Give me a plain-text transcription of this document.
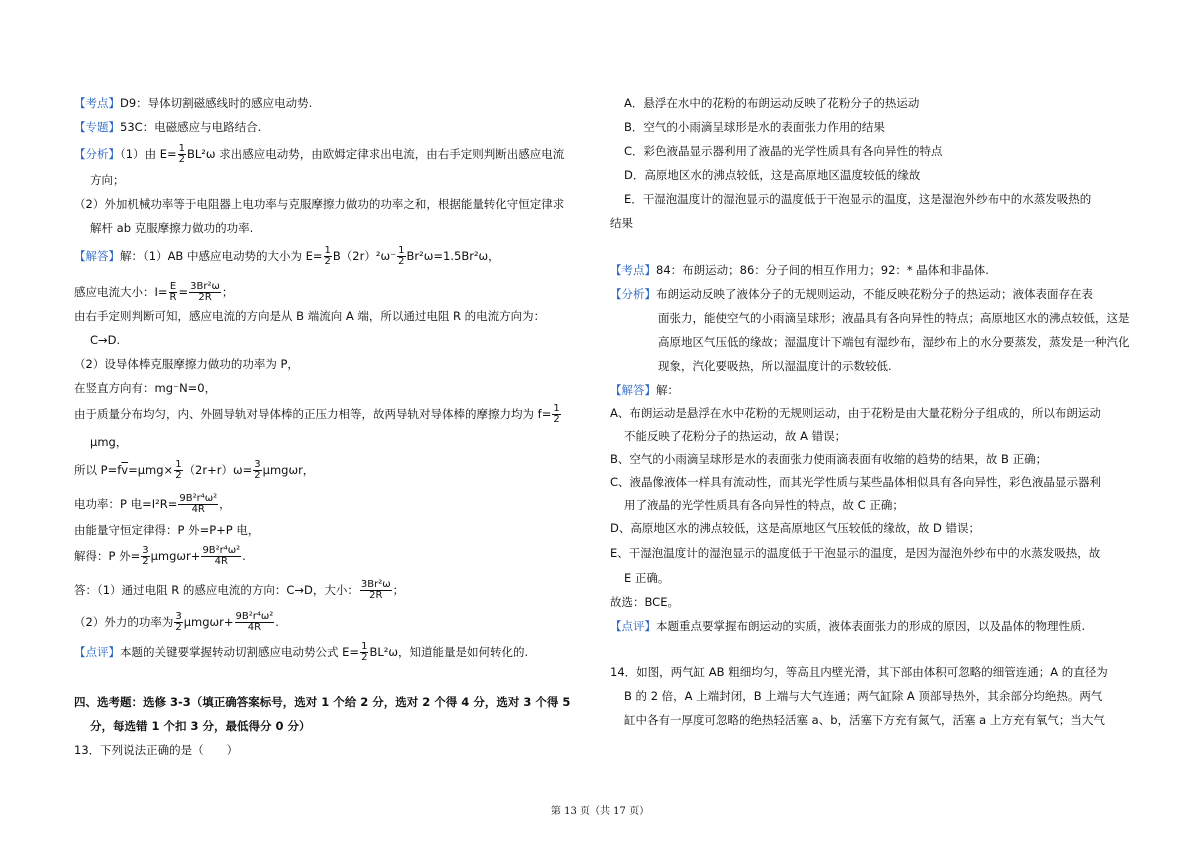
【考点】D9：导体切割磁感线时的感应电动势.
【专题】53C：电磁感应与电路结合.
【分析】（1）由 $E= \frac{1}{2} BL^2\omega$ 求出感应电动势，由欧姆定律求出电流，由右手定则判断出感应电流
方向；
（2）外加机械功率等于电阻器上电功率与克服摩擦力做功的功率之和，根据能量转化守恒定律求
解杆 ab 克服摩擦力做功的功率.
【解答】解：（1）AB 中感应电动势的大小为 $E= \frac{1}{2} B(2r)^2\omega^- \frac{1}{2} Br^2\omega=1.5Br^2\omega$，
感应电流大小：$I= \frac{E}{R} = \frac{\text{3Br²ω}}{2R}$ ；
由右手定则判断可知，感应电流的方向是从 B 端流向 A 端，所以通过电阻 R 的电流方向为：
C→D.
（2）设导体棒克服摩擦力做功的功率为 P，
在竖直方向有：mg⁻N=0，
由于质量分布均匀，内、外圆导轨对导体棒的正压力相等，故两导轨对导体棒的摩擦力均为 $f= \frac{1}{2}$
μmg，
所以 $P=f\overline{v}=\mu mg\times \frac{1}{2} (2r+r)\omega= \frac{3}{2}$ μmgωr，
电功率：P 电$=I^2R= \frac{\text{9B²r⁴ω²}}{4R}$ ，
由能量守恒定律得：P 外=P+P 电，
解得：P 外= $\frac{3}{2} \mu mg\omega r+ \frac{\text{9B²r⁴ω²}}{4R}$ .
答：（1）通过电阻 R 的感应电流的方向：C→D，大小： $\frac{\text{3Br²ω}}{2R}$ ；
（2）外力的功率为 $\frac{3}{2} \mu mg\omega r+ \frac{\text{9B²r⁴ω²}}{4R}$ .
【点评】本题的关键要掌握转动切割感应电动势公式 $E= \frac{1}{2} BL^2\omega$，知道能量是如何转化的.
四、选考题：选修 3-3（填正确答案标号，选对 1 个给 2 分，选对 2 个得 4 分，选对 3 个得 5
分，每选错 1 个扣 3 分，最低得分 0 分）
13．下列说法正确的是（　　）
A．悬浮在水中的花粉的布朗运动反映了花粉分子的热运动
B．空气的小雨滴呈球形是水的表面张力作用的结果
C．彩色液晶显示器利用了液晶的光学性质具有各向异性的特点
D．高原地区水的沸点较低，这是高原地区温度较低的缘故
E．干湿泡温度计的湿泡显示的温度低于干泡显示的温度，这是湿泡外纱布中的水蒸发吸热的
结果
【考点】84：布朗运动；86：分子间的相互作用力；92：* 晶体和非晶体.
【分析】布朗运动反映了液体分子的无规则运动，不能反映花粉分子的热运动；液体表面存在表
面张力，能使空气的小雨滴呈球形；液晶具有各向异性的特点；高原地区水的沸点较低，这是
高原地区气压低的缘故；湿温度计下端包有湿纱布，湿纱布上的水分要蒸发，蒸发是一种汽化
现象，汽化要吸热，所以湿温度计的示数较低.
【解答】解：
A、布朗运动是悬浮在水中花粉的无规则运动，由于花粉是由大量花粉分子组成的，所以布朗运动
不能反映了花粉分子的热运动，故 A 错误；
B、空气的小雨滴呈球形是水的表面张力使雨滴表面有收缩的趋势的结果，故 B 正确；
C、液晶像液体一样具有流动性，而其光学性质与某些晶体相似具有各向异性，彩色液晶显示器利
用了液晶的光学性质具有各向异性的特点，故 C 正确；
D、高原地区水的沸点较低，这是高原地区气压较低的缘故，故 D 错误；
E、干湿泡温度计的湿泡显示的温度低于干泡显示的温度，是因为湿泡外纱布中的水蒸发吸热，故
E 正确。
故选：BCE。
【点评】本题重点要掌握布朗运动的实质，液体表面张力的形成的原因，以及晶体的物理性质.
14．如图，两气缸 AB 粗细均匀，等高且内壁光滑，其下部由体积可忽略的细管连通；A 的直径为
B 的 2 倍，A 上端封闭，B 上端与大气连通；两气缸除 A 顶部导热外，其余部分均绝热。两气
缸中各有一厚度可忽略的绝热轻活塞 a、b，活塞下方充有氮气，活塞 a 上方充有氧气；当大气
第 13 页（共 17 页）
